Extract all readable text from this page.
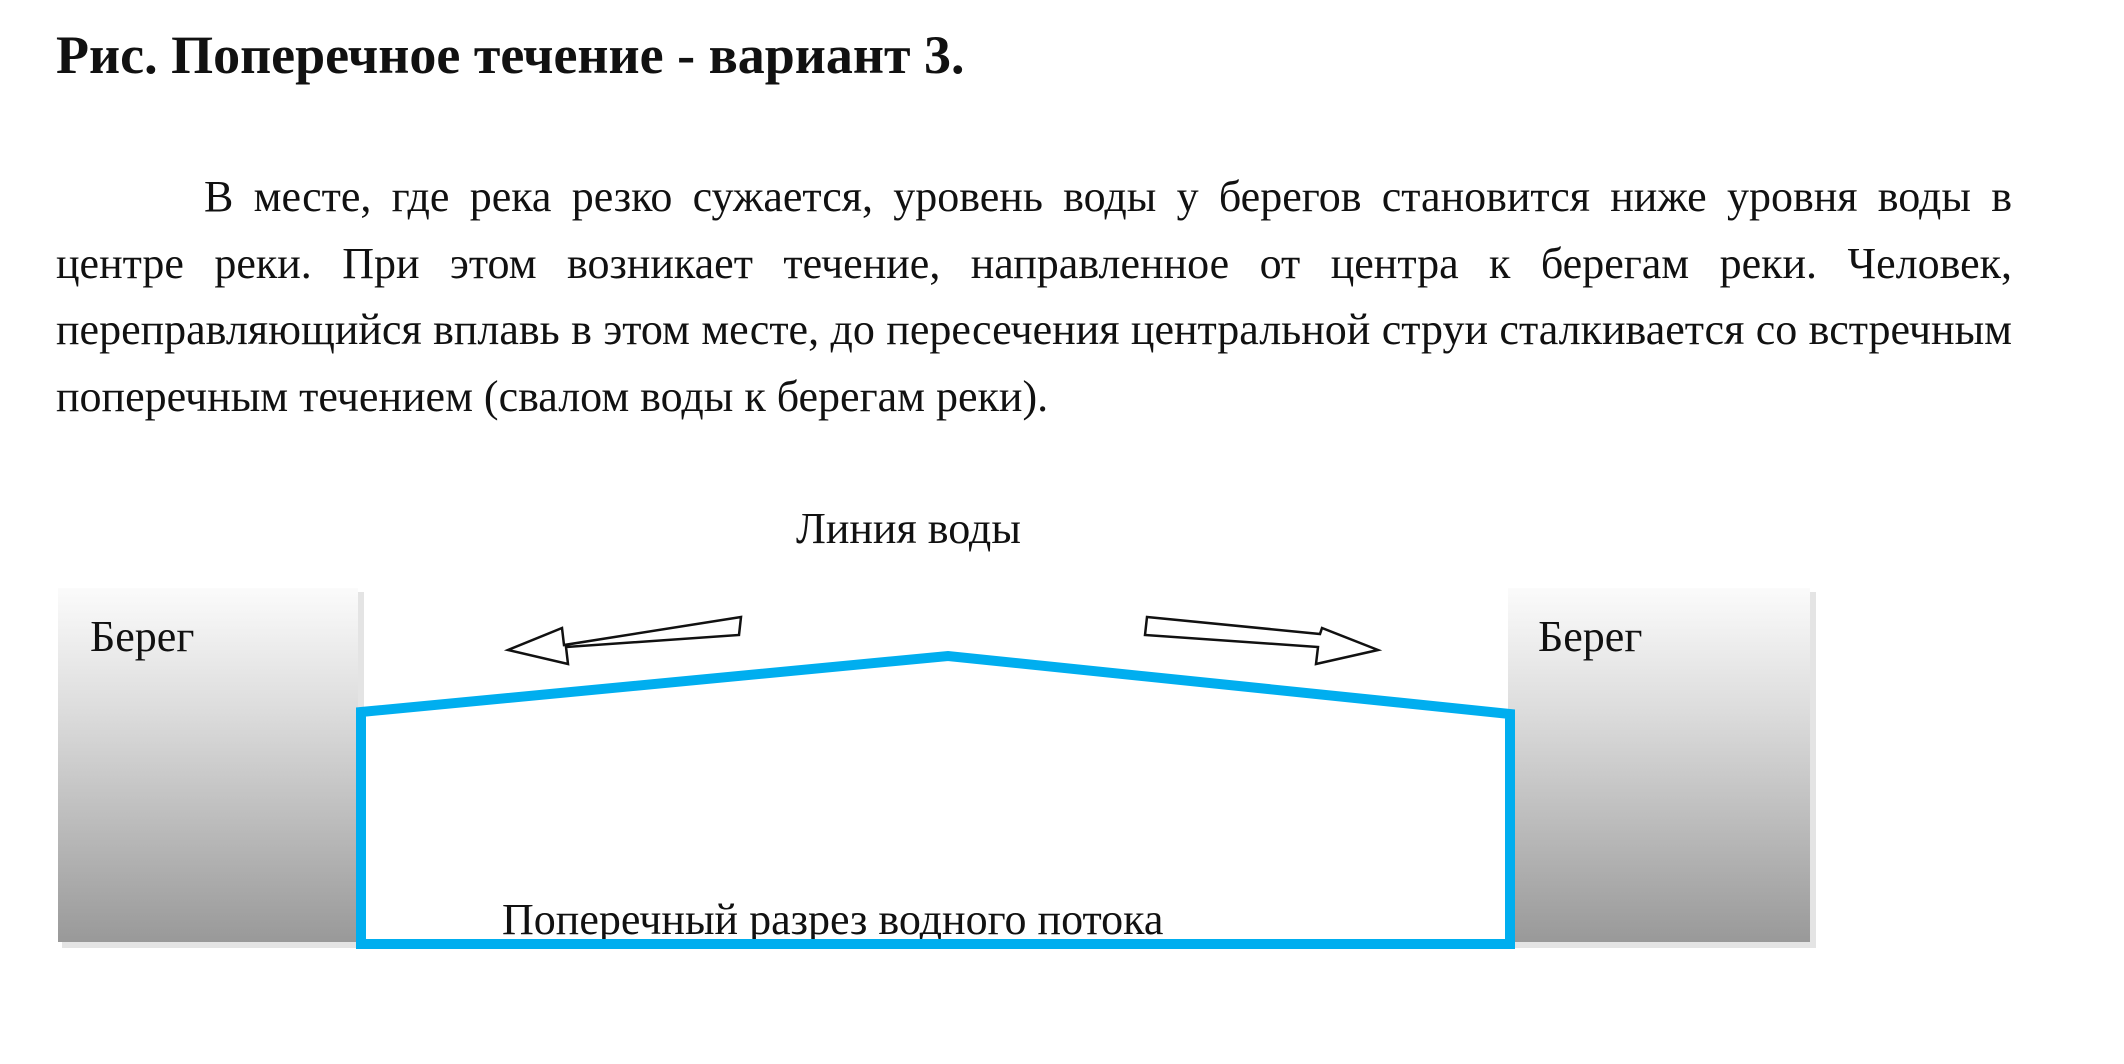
Рис. Поперечное течение - вариант 3.

В месте, где река резко сужается, уровень воды у берегов становится ниже уровня воды в центре реки. При этом возникает течение, направленное от центра к берегам реки. Человек, переправляющийся вплавь в этом месте, до пересечения центральной струи сталкивается со встречным поперечным течением (свалом воды к берегам реки).

Берег	Берег
Линия воды
Поперечный разрез водного потока
